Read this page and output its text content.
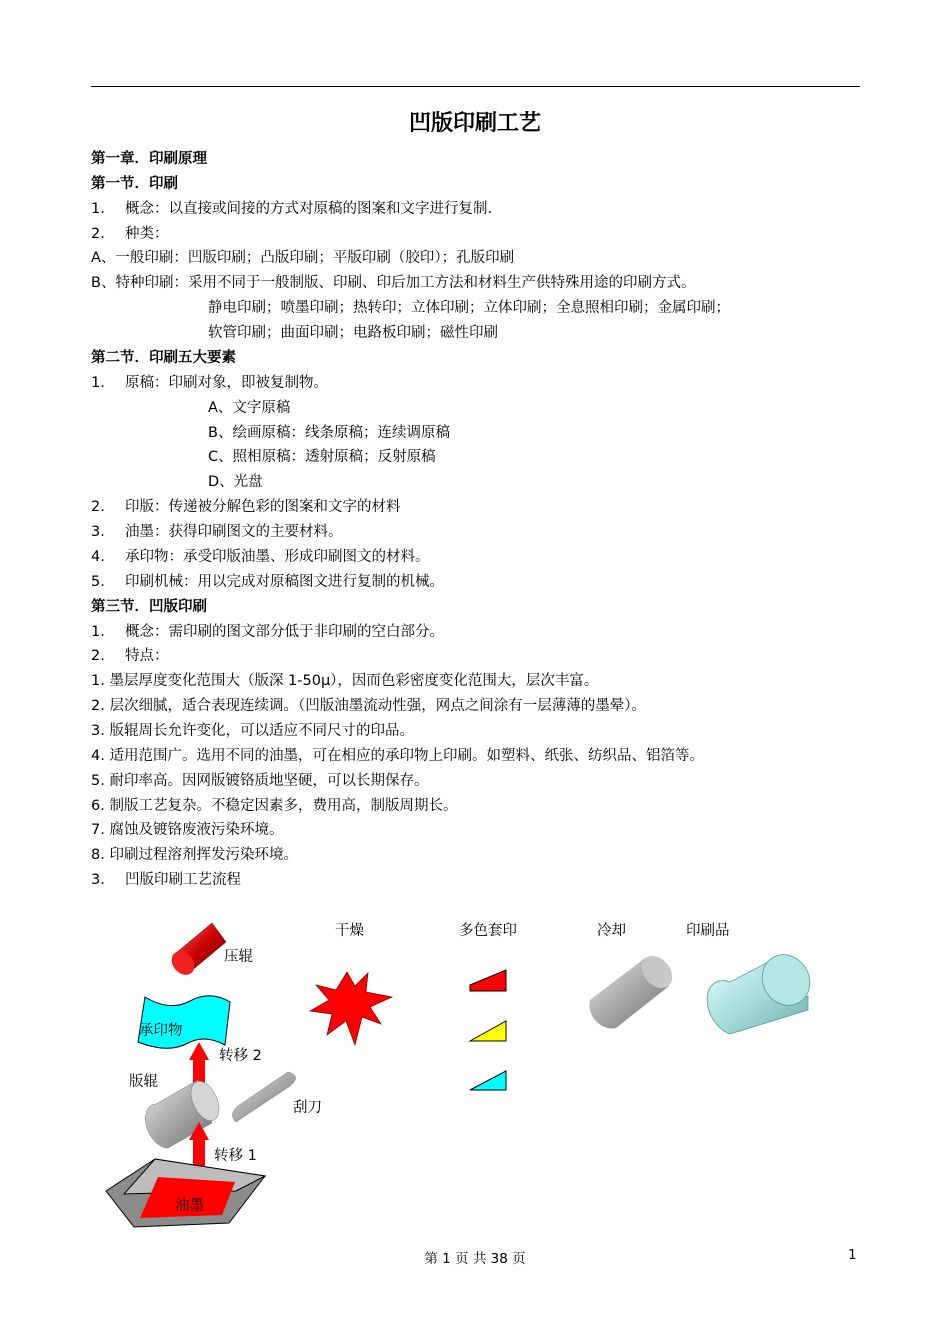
凹版印刷工艺
第一章．印刷原理
第一节．印刷
1. 概念：以直接或间接的方式对原稿的图案和文字进行复制.
2. 种类：
A、一般印刷：凹版印刷；凸版印刷；平版印刷（胶印）；孔版印刷
B、特种印刷：采用不同于一般制版、印刷、印后加工方法和材料生产供特殊用途的印刷方式。
静电印刷；喷墨印刷；热转印；立体印刷；立体印刷；全息照相印刷；金属印刷；
软管印刷；曲面印刷；电路板印刷；磁性印刷
第二节．印刷五大要素
1. 原稿：印刷对象，即被复制物。
A、文字原稿
B、绘画原稿：线条原稿；连续调原稿
C、照相原稿：透射原稿；反射原稿
D、光盘
2. 印版：传递被分解色彩的图案和文字的材料
3. 油墨：获得印刷图文的主要材料。
4. 承印物：承受印版油墨、形成印刷图文的材料。
5. 印刷机械：用以完成对原稿图文进行复制的机械。
第三节．凹版印刷
1. 概念：需印刷的图文部分低于非印刷的空白部分。
2. 特点：
1. 墨层厚度变化范围大（版深 1-50μ），因而色彩密度变化范围大，层次丰富。
2. 层次细腻，适合表现连续调。（凹版油墨流动性强，网点之间涂有一层薄薄的墨晕）。
3. 版辊周长允许变化，可以适应不同尺寸的印品。
4. 适用范围广。选用不同的油墨，可在相应的承印物上印刷。如塑料、纸张、纺织品、铝箔等。
5. 耐印率高。因网版镀铬质地坚硬，可以长期保存。
6. 制版工艺复杂。不稳定因素多，费用高，制版周期长。
7. 腐蚀及镀铬废液污染环境。
8. 印刷过程溶剂挥发污染环境。
3. 凹版印刷工艺流程
压辊
干燥	多色套印	冷却	印刷品
承印物
转移 2
版辊
刮刀
转移 1
油墨
第 1 页 共 38 页	1
